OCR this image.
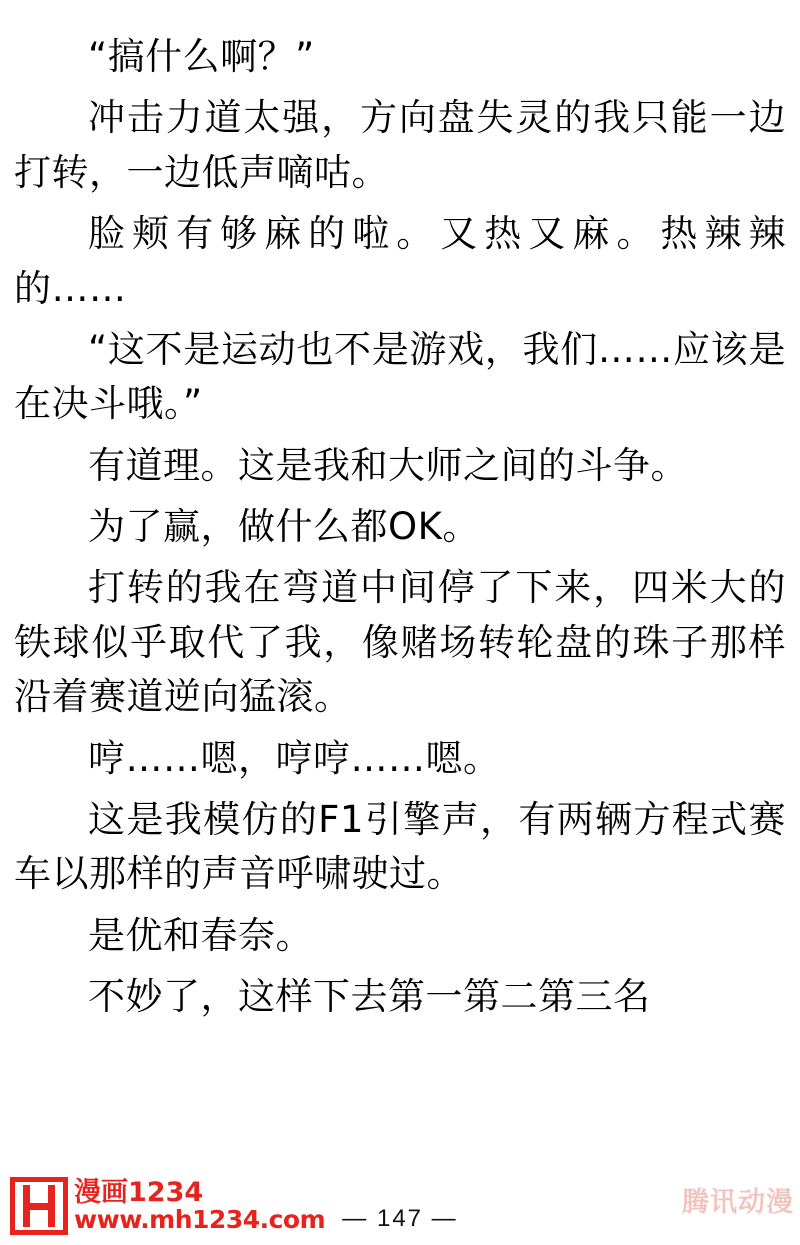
“搞什么啊？”

冲击力道太强，方向盘失灵的我只能一边打转，一边低声嘀咕。

脸颊有够麻的啦。又热又麻。热辣辣的……

“这不是运动也不是游戏，我们……应该是在决斗哦。”

有道理。这是我和大师之间的斗争。

为了赢，做什么都OK。

打转的我在弯道中间停了下来，四米大的铁球似乎取代了我，像赌场转轮盘的珠子那样沿着赛道逆向猛滚。

哼……嗯，哼哼……嗯。

这是我模仿的F1引擎声，有两辆方程式赛车以那样的声音呼啸驶过。

是优和春奈。

不妙了，这样下去第一第二第三名

— 147 —
漫画1234
www.mh1234.com
腾讯动漫
